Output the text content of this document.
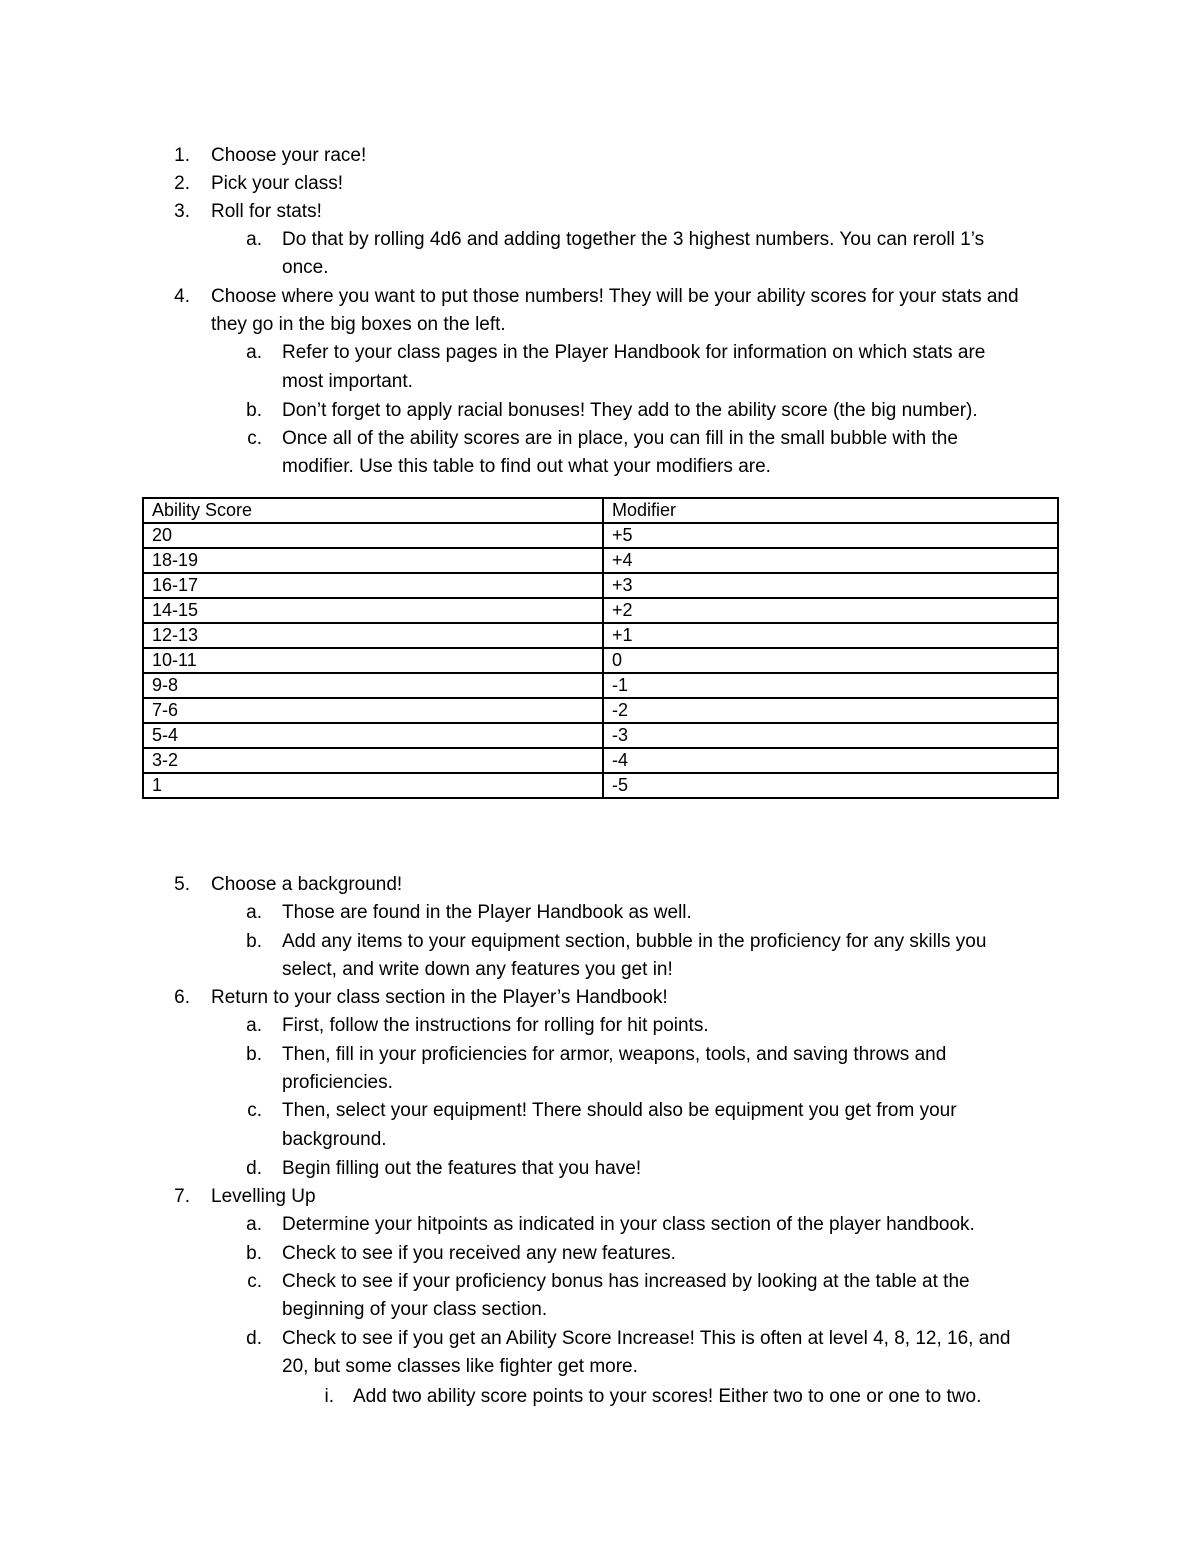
1. Choose your race!
2. Pick your class!
3. Roll for stats!
a. Do that by rolling 4d6 and adding together the 3 highest numbers. You can reroll 1’s
once.
4. Choose where you want to put those numbers! They will be your ability scores for your stats and
they go in the big boxes on the left.
a. Refer to your class pages in the Player Handbook for information on which stats are
most important.
b. Don’t forget to apply racial bonuses! They add to the ability score (the big number).
c. Once all of the ability scores are in place, you can fill in the small bubble with the
modifier. Use this table to find out what your modifiers are.
Ability Score	Modifier
20	+5
18-19	+4
16-17	+3
14-15	+2
12-13	+1
10-11	0
9-8	-1
7-6	-2
5-4	-3
3-2	-4
1	-5
5. Choose a background!
a. Those are found in the Player Handbook as well.
b. Add any items to your equipment section, bubble in the proficiency for any skills you
select, and write down any features you get in!
6. Return to your class section in the Player’s Handbook!
a. First, follow the instructions for rolling for hit points.
b. Then, fill in your proficiencies for armor, weapons, tools, and saving throws and
proficiencies.
c. Then, select your equipment! There should also be equipment you get from your
background.
d. Begin filling out the features that you have!
7. Levelling Up
a. Determine your hitpoints as indicated in your class section of the player handbook.
b. Check to see if you received any new features.
c. Check to see if your proficiency bonus has increased by looking at the table at the
beginning of your class section.
d. Check to see if you get an Ability Score Increase! This is often at level 4, 8, 12, 16, and
20, but some classes like fighter get more.
i. Add two ability score points to your scores! Either two to one or one to two.
